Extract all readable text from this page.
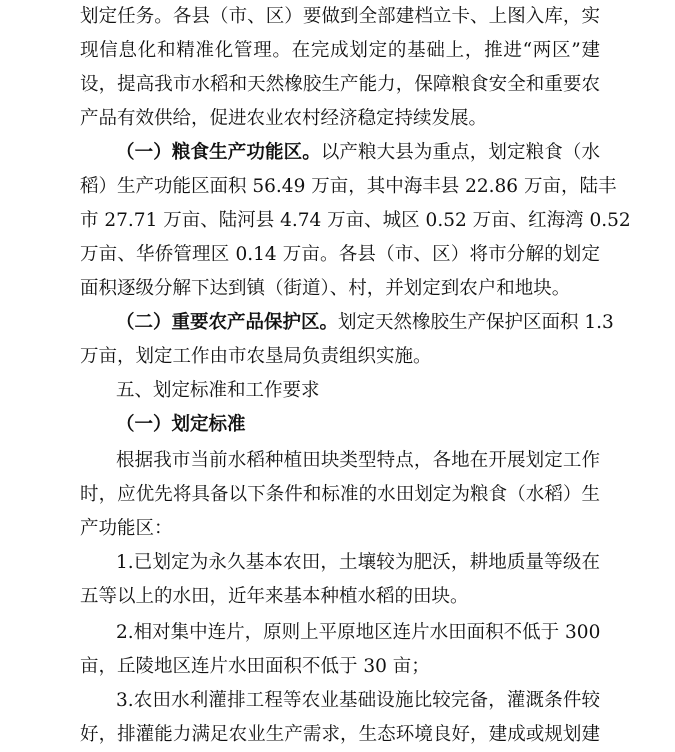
划定任务。各县（市、区）要做到全部建档立卡、上图入库，实
现信息化和精准化管理。在完成划定的基础上，推进“两区”建
设，提高我市水稻和天然橡胶生产能力，保障粮食安全和重要农
产品有效供给，促进农业农村经济稳定持续发展。
（一）粮食生产功能区。以产粮大县为重点，划定粮食（水
稻）生产功能区面积 56.49 万亩，其中海丰县 22.86 万亩，陆丰
市 27.71 万亩、陆河县 4.74 万亩、城区 0.52 万亩、红海湾 0.52
万亩、华侨管理区 0.14 万亩。各县（市、区）将市分解的划定
面积逐级分解下达到镇（街道）、村，并划定到农户和地块。
（二）重要农产品保护区。划定天然橡胶生产保护区面积 1.3
万亩，划定工作由市农垦局负责组织实施。
五、划定标准和工作要求
（一）划定标准
根据我市当前水稻种植田块类型特点，各地在开展划定工作
时，应优先将具备以下条件和标准的水田划定为粮食（水稻）生
产功能区：
1.已划定为永久基本农田，土壤较为肥沃，耕地质量等级在
五等以上的水田，近年来基本种植水稻的田块。
2.相对集中连片，原则上平原地区连片水田面积不低于 300
亩，丘陵地区连片水田面积不低于 30 亩；
3.农田水利灌排工程等农业基础设施比较完备，灌溉条件较
好，排灌能力满足农业生产需求，生态环境良好，建成或规划建
